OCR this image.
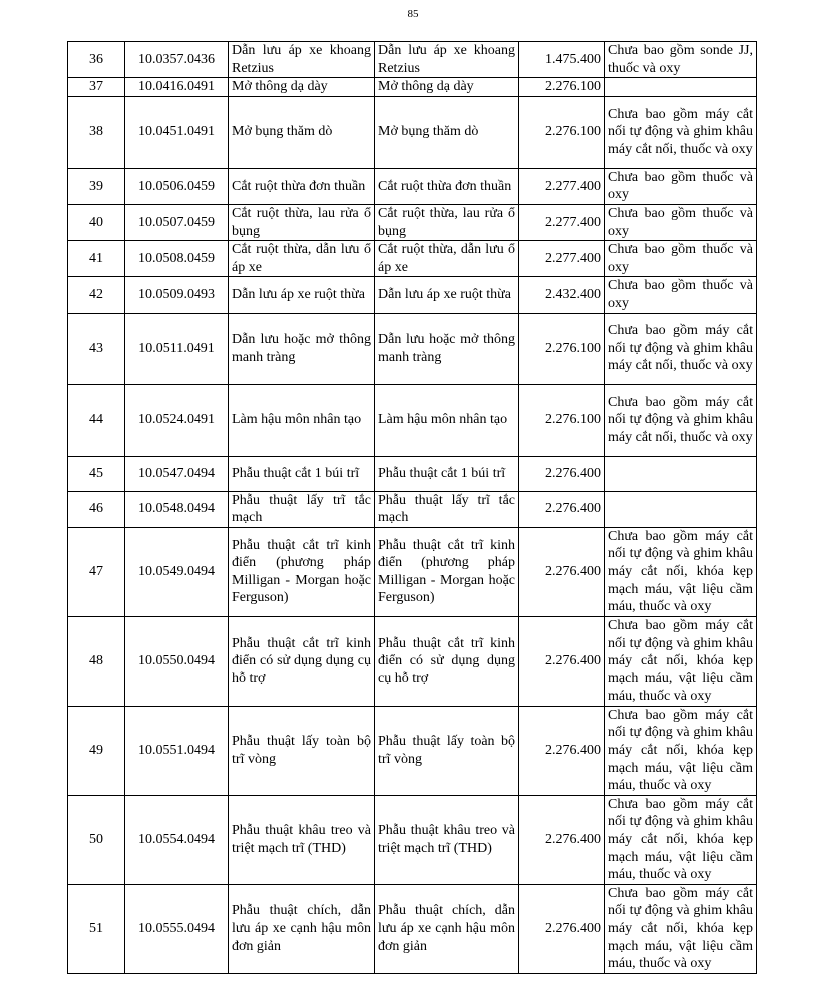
85
36	10.0357.0436	Dẫn lưu áp xe khoang Retzius	Dẫn lưu áp xe khoang Retzius	1.475.400	Chưa bao gồm sonde JJ, thuốc và oxy
37	10.0416.0491	Mở thông dạ dày	Mở thông dạ dày	2.276.100	
38	10.0451.0491	Mở bụng thăm dò	Mở bụng thăm dò	2.276.100	Chưa bao gồm máy cắt nối tự động và ghim khâu máy cắt nối, thuốc và oxy
39	10.0506.0459	Cắt ruột thừa đơn thuần	Cắt ruột thừa đơn thuần	2.277.400	Chưa bao gồm thuốc và oxy
40	10.0507.0459	Cắt ruột thừa, lau rửa ổ bụng	Cắt ruột thừa, lau rửa ổ bụng	2.277.400	Chưa bao gồm thuốc và oxy
41	10.0508.0459	Cắt ruột thừa, dẫn lưu ổ áp xe	Cắt ruột thừa, dẫn lưu ổ áp xe	2.277.400	Chưa bao gồm thuốc và oxy
42	10.0509.0493	Dẫn lưu áp xe ruột thừa	Dẫn lưu áp xe ruột thừa	2.432.400	Chưa bao gồm thuốc và oxy
43	10.0511.0491	Dẫn lưu hoặc mở thông manh tràng	Dẫn lưu hoặc mở thông manh tràng	2.276.100	Chưa bao gồm máy cắt nối tự động và ghim khâu máy cắt nối, thuốc và oxy
44	10.0524.0491	Làm hậu môn nhân tạo	Làm hậu môn nhân tạo	2.276.100	Chưa bao gồm máy cắt nối tự động và ghim khâu máy cắt nối, thuốc và oxy
45	10.0547.0494	Phẫu thuật cắt 1 búi trĩ	Phẫu thuật cắt 1 búi trĩ	2.276.400	
46	10.0548.0494	Phẫu thuật lấy trĩ tắc mạch	Phẫu thuật lấy trĩ tắc mạch	2.276.400	
47	10.0549.0494	Phẫu thuật cắt trĩ kinh điển (phương pháp Milligan - Morgan hoặc Ferguson)	Phẫu thuật cắt trĩ kinh điển (phương pháp Milligan - Morgan hoặc Ferguson)	2.276.400	Chưa bao gồm máy cắt nối tự động và ghim khâu máy cắt nối, khóa kẹp mạch máu, vật liệu cầm máu, thuốc và oxy
48	10.0550.0494	Phẫu thuật cắt trĩ kinh điển có sử dụng dụng cụ hỗ trợ	Phẫu thuật cắt trĩ kinh điển có sử dụng dụng cụ hỗ trợ	2.276.400	Chưa bao gồm máy cắt nối tự động và ghim khâu máy cắt nối, khóa kẹp mạch máu, vật liệu cầm máu, thuốc và oxy
49	10.0551.0494	Phẫu thuật lấy toàn bộ trĩ vòng	Phẫu thuật lấy toàn bộ trĩ vòng	2.276.400	Chưa bao gồm máy cắt nối tự động và ghim khâu máy cắt nối, khóa kẹp mạch máu, vật liệu cầm máu, thuốc và oxy
50	10.0554.0494	Phẫu thuật khâu treo và triệt mạch trĩ (THD)	Phẫu thuật khâu treo và triệt mạch trĩ (THD)	2.276.400	Chưa bao gồm máy cắt nối tự động và ghim khâu máy cắt nối, khóa kẹp mạch máu, vật liệu cầm máu, thuốc và oxy
51	10.0555.0494	Phẫu thuật chích, dẫn lưu áp xe cạnh hậu môn đơn giản	Phẫu thuật chích, dẫn lưu áp xe cạnh hậu môn đơn giản	2.276.400	Chưa bao gồm máy cắt nối tự động và ghim khâu máy cắt nối, khóa kẹp mạch máu, vật liệu cầm máu, thuốc và oxy
